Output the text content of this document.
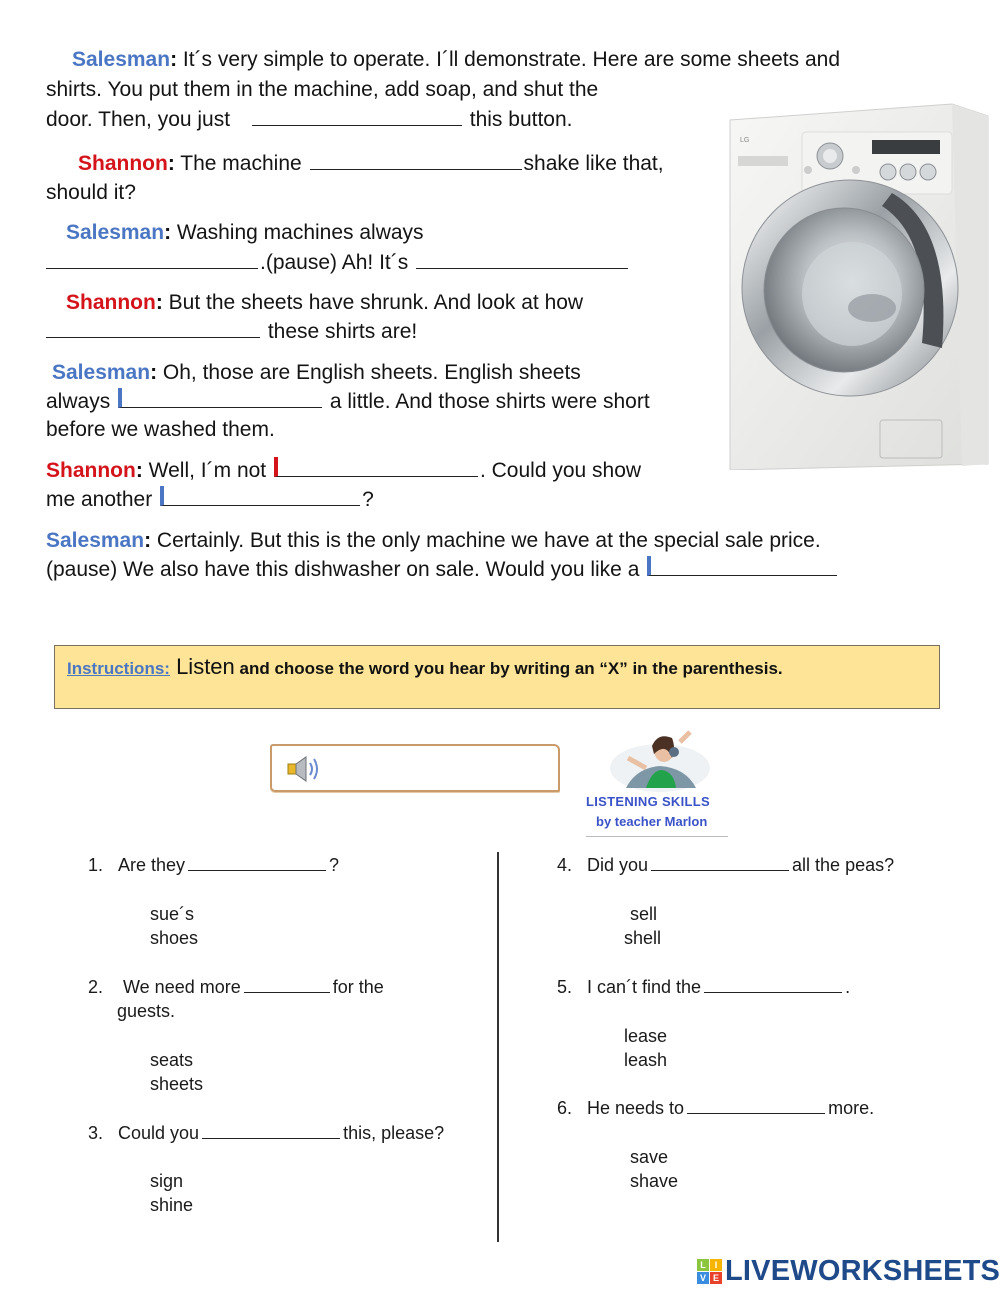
Salesman: It´s very simple to operate. I´ll demonstrate. Here are some sheets and
shirts. You put them in the machine, add soap, and shut the
door. Then, you just	this button.
Shannon: The machine	shake like that,
should it?
Salesman: Washing machines always
.(pause) Ah! It´s
Shannon: But the sheets have shrunk. And look at how
these shirts are!
Salesman: Oh, those are English sheets. English sheets
always	a little. And those shirts were short
before we washed them.
Shannon: Well, I´m not	. Could you show
me another	?
Salesman: Certainly. But this is the only machine we have at the special sale price.
(pause) We also have this dishwasher on sale. Would you like a
LG
Instructions: Listen and choose the word you hear by writing an “X” in the parenthesis.
LISTENING SKILLS
by teacher Marlon
1. Are they	?
sue´s
shoes
2. We need more	for the
guests.
seats
sheets
3. Could you	this, please?
sign
shine
4. Did you	all the peas?
sell
shell
5. I can´t find the	.
lease
leash
6. He needs to	more.
save
shave
L I
V E LIVEWORKSHEETS
